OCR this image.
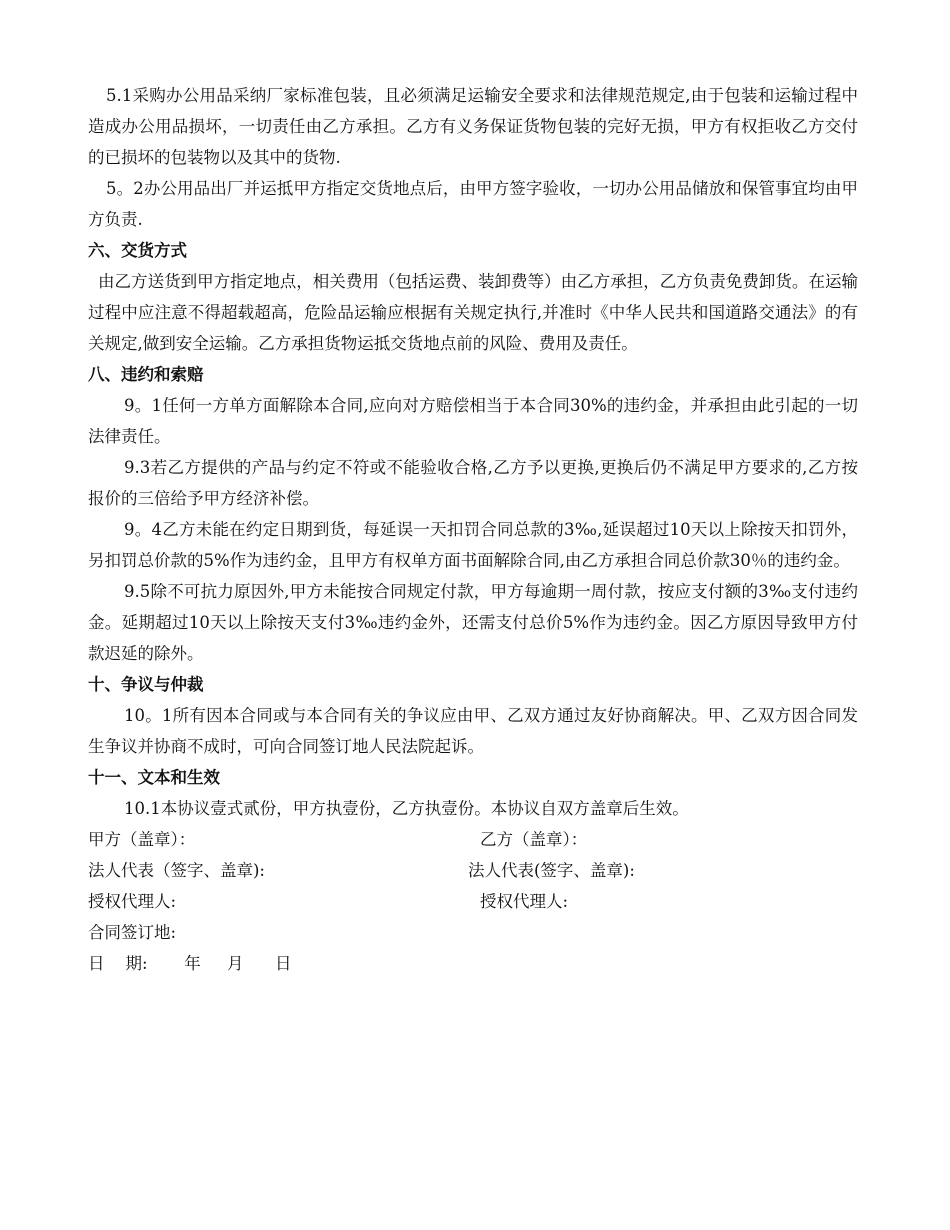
5.1采购办公用品采纳厂家标准包装，且必须满足运输安全要求和法律规范规定,由于包装和运输过程中造成办公用品损坏，一切责任由乙方承担。乙方有义务保证货物包装的完好无损，甲方有权拒收乙方交付的已损坏的包装物以及其中的货物.

5。2办公用品出厂并运抵甲方指定交货地点后，由甲方签字验收，一切办公用品储放和保管事宜均由甲方负责.

六、交货方式

由乙方送货到甲方指定地点，相关费用（包括运费、装卸费等）由乙方承担，乙方负责免费卸货。在运输过程中应注意不得超载超高，危险品运输应根据有关规定执行,并准时《中华人民共和国道路交通法》的有关规定,做到安全运输。乙方承担货物运抵交货地点前的风险、费用及责任。

八、违约和索赔

9。1任何一方单方面解除本合同,应向对方赔偿相当于本合同30%的违约金，并承担由此引起的一切法律责任。

9.3若乙方提供的产品与约定不符或不能验收合格,乙方予以更换,更换后仍不满足甲方要求的,乙方按报价的三倍给予甲方经济补偿。

9。4乙方未能在约定日期到货，每延误一天扣罚合同总款的3‰,延误超过10天以上除按天扣罚外，另扣罚总价款的5%作为违约金，且甲方有权单方面书面解除合同,由乙方承担合同总价款30％的违约金。

9.5除不可抗力原因外,甲方未能按合同规定付款，甲方每逾期一周付款，按应支付额的3‰支付违约金。延期超过10天以上除按天支付3‰违约金外，还需支付总价5%作为违约金。因乙方原因导致甲方付款迟延的除外。

十、争议与仲裁

10。1所有因本合同或与本合同有关的争议应由甲、乙双方通过友好协商解决。甲、乙双方因合同发生争议并协商不成时，可向合同签订地人民法院起诉。

十一、文本和生效

10.1本协议壹式贰份，甲方执壹份，乙方执壹份。本协议自双方盖章后生效。

甲方（盖章）：	乙方（盖章）：
法人代表（签字、盖章):	法人代表(签字、盖章):
授权代理人:	授权代理人:
合同签订地:
日    期:       年     月      日
